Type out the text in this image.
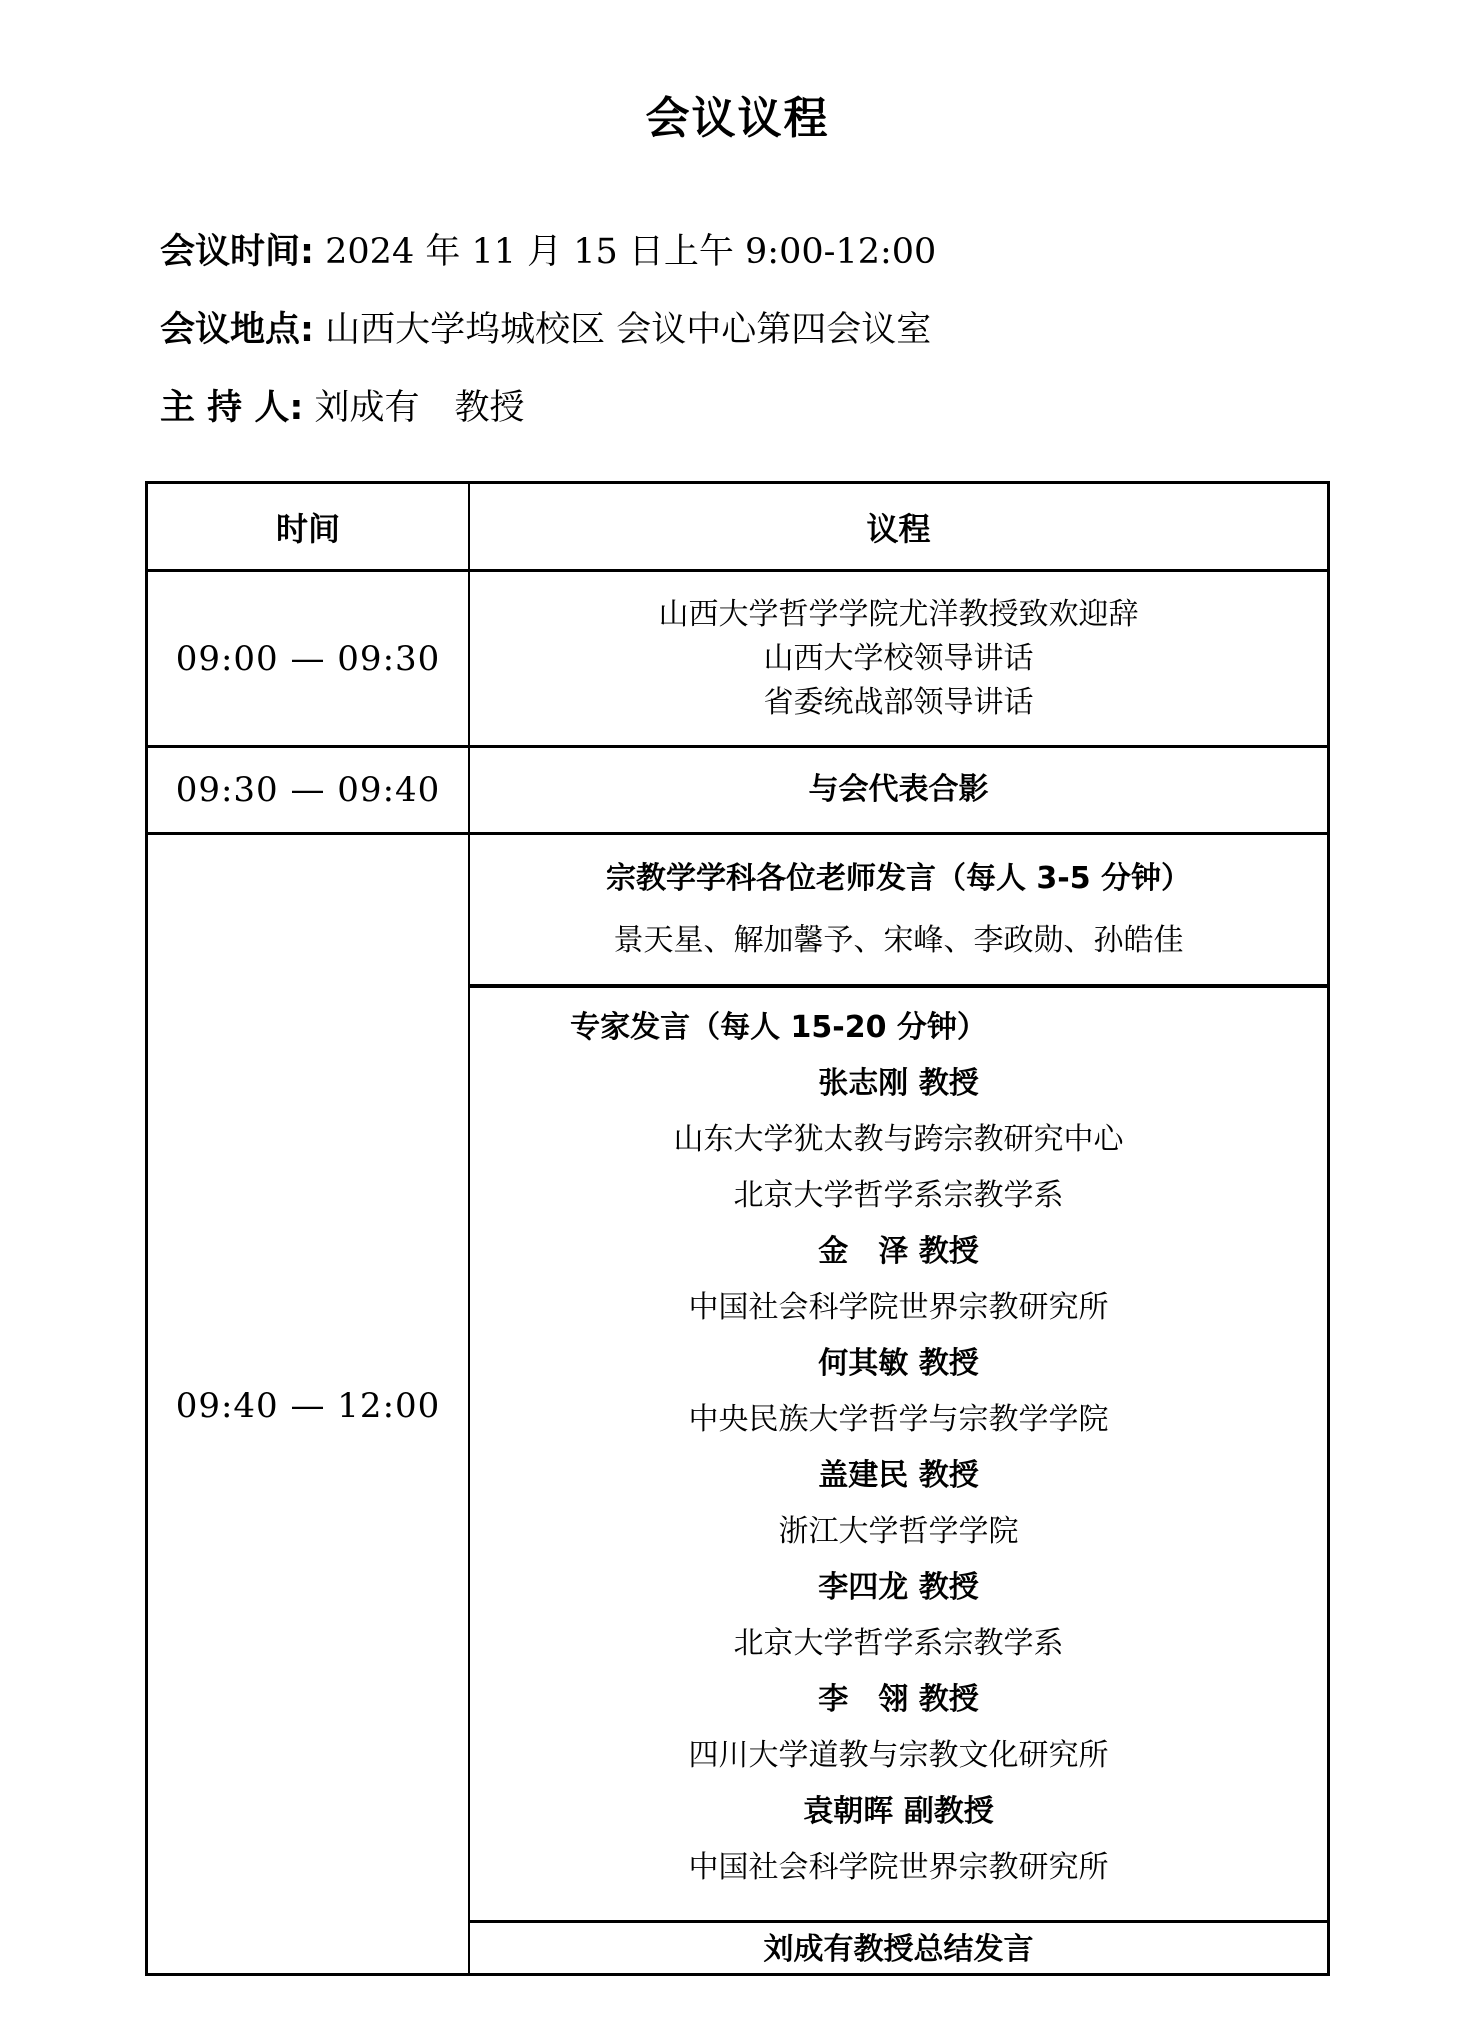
会议议程
会议时间: 2024 年 11 月 15 日上午 9:00-12:00
会议地点: 山西大学坞城校区 会议中心第四会议室
主 持 人: 刘成有　教授
时间	议程
09:00 — 09:30
山西大学哲学学院尤洋教授致欢迎辞
山西大学校领导讲话
省委统战部领导讲话
09:30 — 09:40	与会代表合影
09:40 — 12:00
宗教学学科各位老师发言（每人 3-5 分钟）
景天星、解加馨予、宋峰、李政勋、孙皓佳
专家发言（每人 15-20 分钟）
张志刚 教授
山东大学犹太教与跨宗教研究中心
北京大学哲学系宗教学系
金　泽 教授
中国社会科学院世界宗教研究所
何其敏 教授
中央民族大学哲学与宗教学学院
盖建民 教授
浙江大学哲学学院
李四龙 教授
北京大学哲学系宗教学系
李　翎 教授
四川大学道教与宗教文化研究所
袁朝晖 副教授
中国社会科学院世界宗教研究所
刘成有教授总结发言
